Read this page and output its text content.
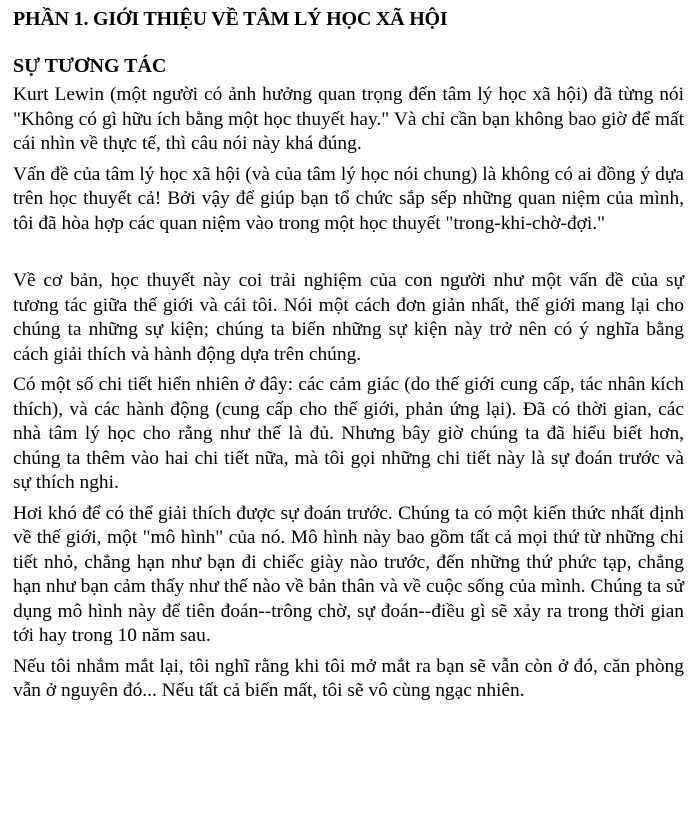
PHẦN 1. GIỚI THIỆU VỀ TÂM LÝ HỌC XÃ HỘI
SỰ TƯƠNG TÁC

Kurt Lewin (một người có ảnh hưởng quan trọng đến tâm lý học xã hội) đã từng nói "Không có gì hữu ích bằng một học thuyết hay." Và chỉ cần bạn không bao giờ để mất cái nhìn về thực tế, thì câu nói này khá đúng.

Vấn đề của tâm lý học xã hội (và của tâm lý học nói chung) là không có ai đồng ý dựa trên học thuyết cả! Bởi vậy để giúp bạn tổ chức sắp sếp những quan niệm của mình, tôi đã hòa hợp các quan niệm vào trong một học thuyết "trong-khi-chờ-đợi."

Về cơ bản, học thuyết này coi trải nghiệm của con người như một vấn đề của sự tương tác giữa thế giới và cái tôi. Nói một cách đơn giản nhất, thế giới mang lại cho chúng ta những sự kiện; chúng ta biến những sự kiện này trở nên có ý nghĩa bằng cách giải thích và hành động dựa trên chúng.

Có một số chi tiết hiển nhiên ở đây: các cảm giác (do thế giới cung cấp, tác nhân kích thích), và các hành động (cung cấp cho thế giới, phản ứng lại). Đã có thời gian, các nhà tâm lý học cho rằng như thế là đủ. Nhưng bây giờ chúng ta đã hiểu biết hơn, chúng ta thêm vào hai chi tiết nữa, mà tôi gọi những chi tiết này là sự đoán trước và sự thích nghi.

Hơi khó để có thể giải thích được sự đoán trước. Chúng ta có một kiến thức nhất định về thế giới, một "mô hình" của nó. Mô hình này bao gồm tất cả mọi thứ từ những chi tiết nhỏ, chẳng hạn như bạn đi chiếc giày nào trước, đến những thứ phức tạp, chẳng hạn như bạn cảm thấy như thế nào về bản thân và về cuộc sống của mình. Chúng ta sử dụng mô hình này để tiên đoán--trông chờ, sự đoán--điều gì sẽ xảy ra trong thời gian tới hay trong 10 năm sau.

Nếu tôi nhắm mắt lại, tôi nghĩ rằng khi tôi mở mắt ra bạn sẽ vẫn còn ở đó, căn phòng vẫn ở nguyên đó... Nếu tất cả biến mất, tôi sẽ vô cùng ngạc nhiên.
